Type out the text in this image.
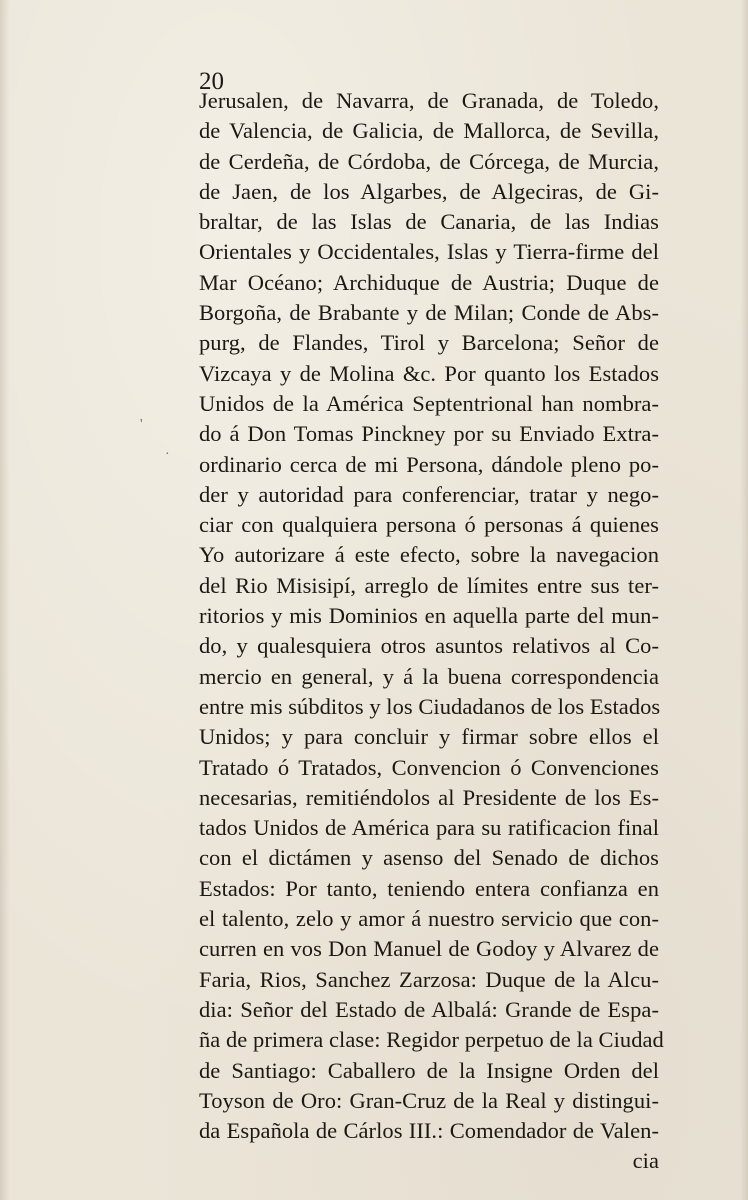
20
Jerusalen, de Navarra, de Granada, de Toledo,
de Valencia, de Galicia, de Mallorca, de Sevilla,
de Cerdeña, de Córdoba, de Córcega, de Murcia,
de Jaen, de los Algarbes, de Algeciras, de Gi-
braltar, de las Islas de Canaria, de las Indias
Orientales y Occidentales, Islas y Tierra-firme del
Mar Océano; Archiduque de Austria; Duque de
Borgoña, de Brabante y de Milan; Conde de Abs-
purg, de Flandes, Tirol y Barcelona; Señor de
Vizcaya y de Molina &c. Por quanto los Estados
Unidos de la América Septentrional han nombra-
do á Don Tomas Pinckney por su Enviado Extra-
ordinario cerca de mi Persona, dándole pleno po-
der y autoridad para conferenciar, tratar y nego-
ciar con qualquiera persona ó personas á quienes
Yo autorizare á este efecto, sobre la navegacion
del Rio Misisipí, arreglo de límites entre sus ter-
ritorios y mis Dominios en aquella parte del mun-
do, y qualesquiera otros asuntos relativos al Co-
mercio en general, y á la buena correspondencia
entre mis súbditos y los Ciudadanos de los Estados
Unidos; y para concluir y firmar sobre ellos el
Tratado ó Tratados, Convencion ó Convenciones
necesarias, remitiéndolos al Presidente de los Es-
tados Unidos de América para su ratificacion final
con el dictámen y asenso del Senado de dichos
Estados: Por tanto, teniendo entera confianza en
el talento, zelo y amor á nuestro servicio que con-
curren en vos Don Manuel de Godoy y Alvarez de
Faria, Rios, Sanchez Zarzosa: Duque de la Alcu-
dia: Señor del Estado de Albalá: Grande de Espa-
ña de primera clase: Regidor perpetuo de la Ciudad
de Santiago: Caballero de la Insigne Orden del
Toyson de Oro: Gran-Cruz de la Real y distingui-
da Española de Cárlos III.: Comendador de Valen-
cia
'
·
